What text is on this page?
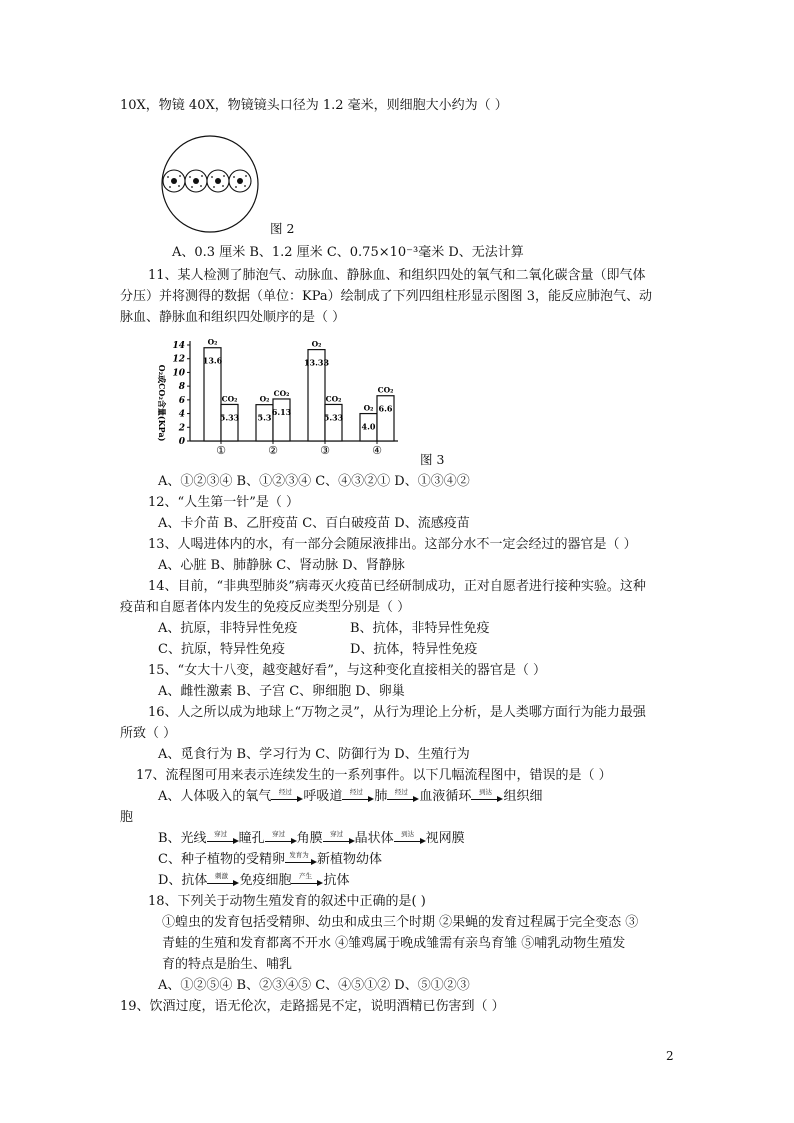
10X，物镜 40X，物镜镜头口径为 1.2 毫米，则细胞大小约为（ ）
图 2
A、0.3 厘米 B、1.2 厘米 C、0.75×10⁻³毫米 D、无法计算
11、某人检测了肺泡气、动脉血、静脉血、和组织四处的氧气和二氧化碳含量（即气体
分压）并将测得的数据（单位：KPa）绘制成了下列四组柱形显示图图 3，能反应肺泡气、动
脉血、静脉血和组织四处顺序的是（ ）
O₂或CO₂含量(KPa)
0
2
4
6
8
10
12
14	O₂
13.6
CO₂
5.33
O₂
5.3
CO₂
6.13
O₂
13.33
CO₂
5.33
O₂
4.0
CO₂
6.6
①	②	③	④
图 3
A、①②③④ B、①②③④ C、④③②① D、①③④②
12、“人生第一针”是（ ）
A、卡介苗 B、乙肝疫苗 C、百白破疫苗 D、流感疫苗
13、人喝进体内的水，有一部分会随尿液排出。这部分水不一定会经过的器官是（ ）
A、心脏 B、肺静脉 C、肾动脉 D、肾静脉
14、目前，“非典型肺炎”病毒灭火疫苗已经研制成功，正对自愿者进行接种实验。这种
疫苗和自愿者体内发生的免疫反应类型分别是（ ）
A、抗原，非特异性免疫	B、抗体，非特异性免疫
C、抗原，特异性免疫	D、抗体，特异性免疫
15、“女大十八变，越变越好看”，与这种变化直接相关的器官是（ ）
A、雌性激素 B、子宫 C、卵细胞 D、卵巢
16、人之所以成为地球上“万物之灵”，从行为理论上分析，是人类哪方面行为能力最强
所致（ ）
A、觅食行为 B、学习行为 C、防御行为 D、生殖行为
17、流程图可用来表示连续发生的一系列事件。以下几幅流程图中，错误的是（ ）
A、人体吸入的氧气	经过 呼吸道	经过 肺	经过 血液循环	到达 组织细
胞
B、光线	穿过 瞳孔	穿过 角膜	穿过 晶状体	到达 视网膜
C、种子植物的受精卵 发育为 新植物幼体
D、抗体	刺激 免疫细胞	产生 抗体
18、下列关于动物生殖发育的叙述中正确的是( )
①蝗虫的发育包括受精卵、幼虫和成虫三个时期 ②果蝇的发育过程属于完全变态 ③
青蛙的生殖和发育都离不开水 ④雏鸡属于晚成雏需有亲鸟育雏 ⑤哺乳动物生殖发
育的特点是胎生、哺乳
A、①②⑤④ B、②③④⑤ C、④⑤①② D、⑤①②③
19、饮酒过度，语无伦次，走路摇晃不定，说明酒精已伤害到（ ）
2
